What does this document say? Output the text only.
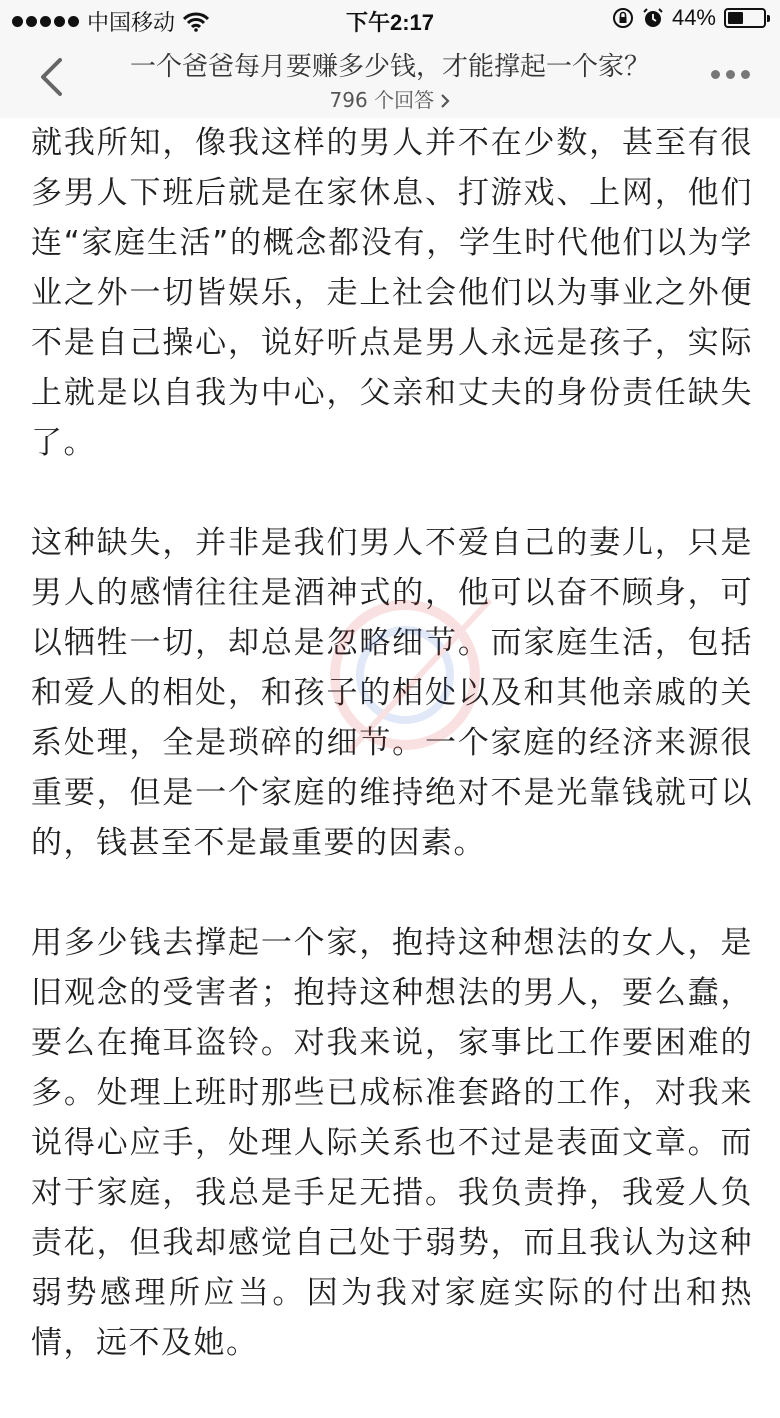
中国移动	下午2:17	44%
一个爸爸每月要赚多少钱，才能撑起一个家？
796 个回答

就我所知，像我这样的男人并不在少数，甚至有很多男人下班后就是在家休息、打游戏、上网，他们连“家庭生活”的概念都没有，学生时代他们以为学业之外一切皆娱乐，走上社会他们以为事业之外便不是自己操心，说好听点是男人永远是孩子，实际上就是以自我为中心，父亲和丈夫的身份责任缺失了。

这种缺失，并非是我们男人不爱自己的妻儿，只是男人的感情往往是酒神式的，他可以奋不顾身，可以牺牲一切，却总是忽略细节。而家庭生活，包括和爱人的相处，和孩子的相处以及和其他亲戚的关系处理，全是琐碎的细节。一个家庭的经济来源很重要，但是一个家庭的维持绝对不是光靠钱就可以的，钱甚至不是最重要的因素。

用多少钱去撑起一个家，抱持这种想法的女人，是旧观念的受害者；抱持这种想法的男人，要么蠢，要么在掩耳盗铃。对我来说，家事比工作要困难的多。处理上班时那些已成标准套路的工作，对我来说得心应手，处理人际关系也不过是表面文章。而对于家庭，我总是手足无措。我负责挣，我爱人负责花，但我却感觉自己处于弱势，而且我认为这种弱势感理所应当。因为我对家庭实际的付出和热情，远不及她。
